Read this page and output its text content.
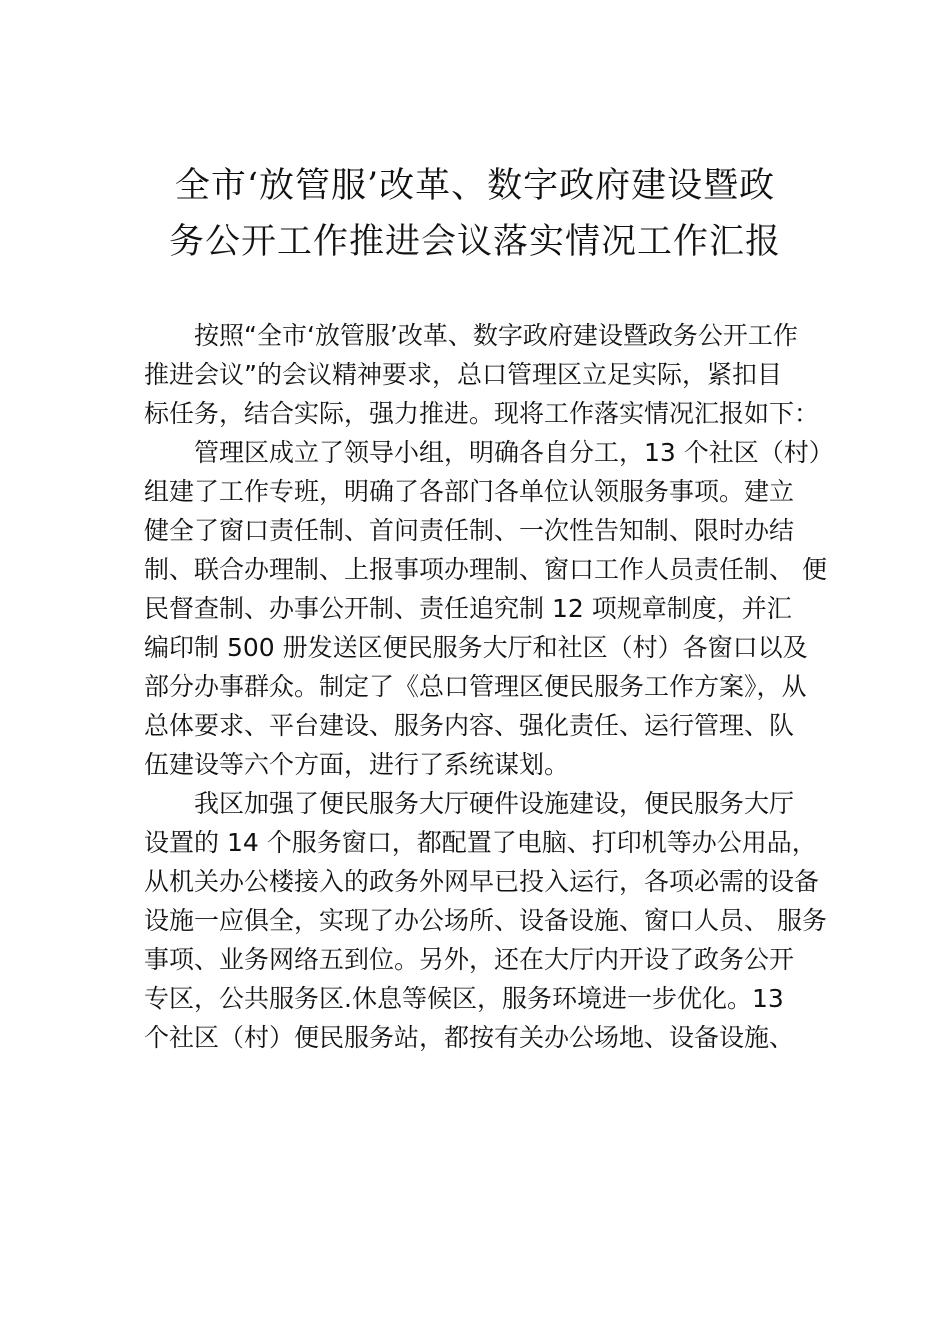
全市‘放管服’改革、数字政府建设暨政
务公开工作推进会议落实情况工作汇报

按照“全市‘放管服’改革、数字政府建设暨政务公开工作
推进会议”的会议精神要求，总口管理区立足实际，紧扣目
标任务，结合实际，强力推进。现将工作落实情况汇报如下：

管理区成立了领导小组，明确各自分工，13 个社区（村）
组建了工作专班，明确了各部门各单位认领服务事项。建立
健全了窗口责任制、首问责任制、一次性告知制、限时办结
制、联合办理制、上报事项办理制、窗口工作人员责任制、 便
民督查制、办事公开制、责任追究制 12 项规章制度，并汇
编印制 500 册发送区便民服务大厅和社区（村）各窗口以及
部分办事群众。制定了《总口管理区便民服务工作方案》，从
总体要求、平台建设、服务内容、强化责任、运行管理、队
伍建设等六个方面，进行了系统谋划。

我区加强了便民服务大厅硬件设施建设，便民服务大厅
设置的 14 个服务窗口，都配置了电脑、打印机等办公用品，
从机关办公楼接入的政务外网早已投入运行，各项必需的设备
设施一应俱全，实现了办公场所、设备设施、窗口人员、 服务
事项、业务网络五到位。另外，还在大厅内开设了政务公开
专区，公共服务区.休息等候区，服务环境进一步优化。13
个社区（村）便民服务站，都按有关办公场地、设备设施、
